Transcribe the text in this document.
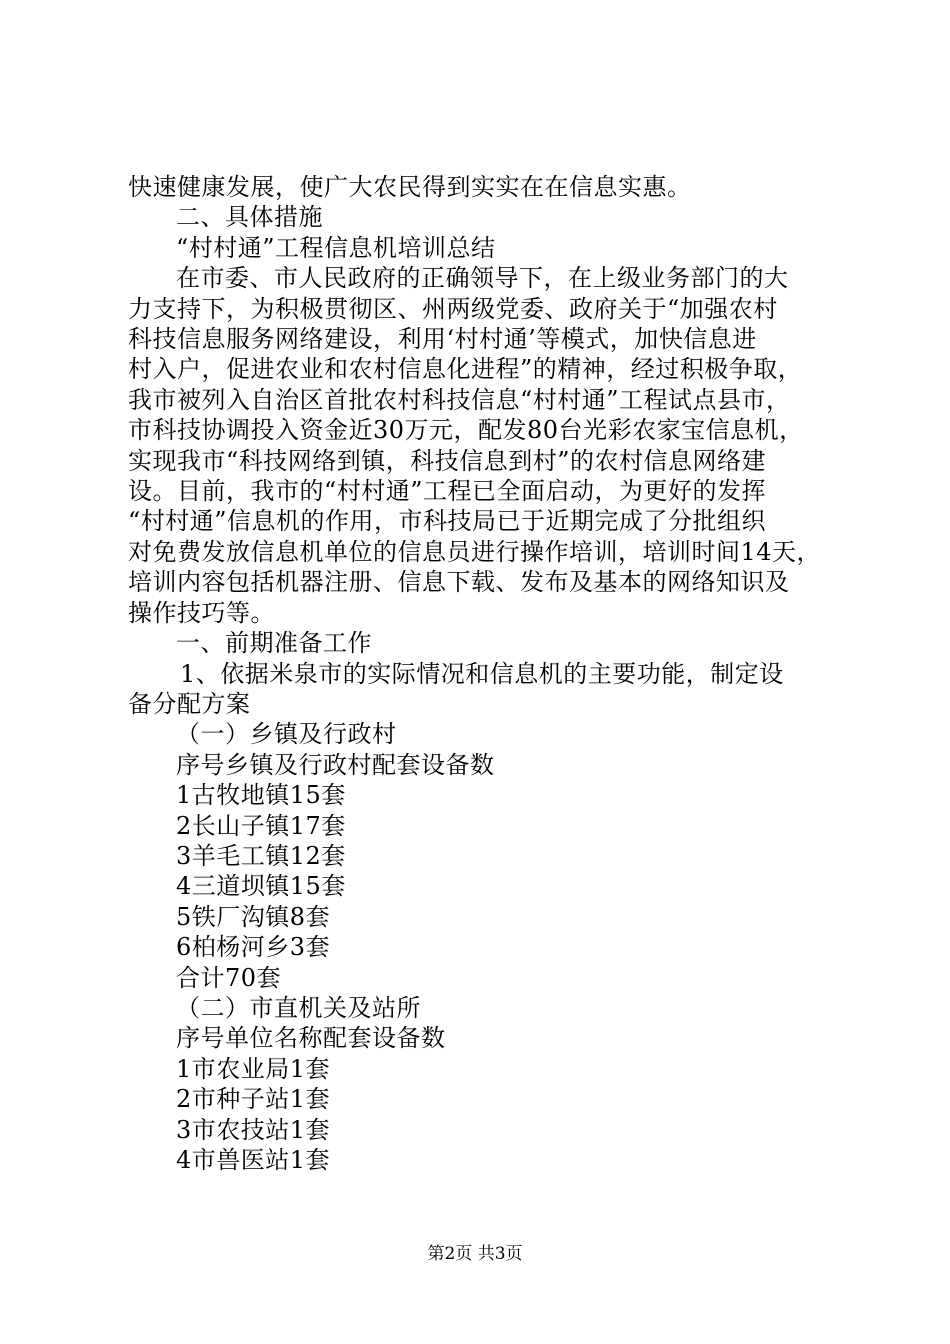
快速健康发展，使广大农民得到实实在在信息实惠。
二、具体措施
“村村通”工程信息机培训总结
在市委、市人民政府的正确领导下，在上级业务部门的大
力支持下，为积极贯彻区、州两级党委、政府关于“加强农村
科技信息服务网络建设，利用‘村村通’等模式，加快信息进
村入户，促进农业和农村信息化进程”的精神，经过积极争取，
我市被列入自治区首批农村科技信息“村村通”工程试点县市，
市科技协调投入资金近30万元，配发80台光彩农家宝信息机，
实现我市“科技网络到镇，科技信息到村”的农村信息网络建
设。目前，我市的“村村通”工程已全面启动，为更好的发挥
“村村通”信息机的作用，市科技局已于近期完成了分批组织
对免费发放信息机单位的信息员进行操作培训，培训时间14天，
培训内容包括机器注册、信息下载、发布及基本的网络知识及
操作技巧等。
一、前期准备工作
1、依据米泉市的实际情况和信息机的主要功能，制定设
备分配方案
（一）乡镇及行政村
序号乡镇及行政村配套设备数
1古牧地镇15套
2长山子镇17套
3羊毛工镇12套
4三道坝镇15套
5铁厂沟镇8套
6柏杨河乡3套
合计70套
（二）市直机关及站所
序号单位名称配套设备数
1市农业局1套
2市种子站1套
3市农技站1套
4市兽医站1套
第2页 共3页
